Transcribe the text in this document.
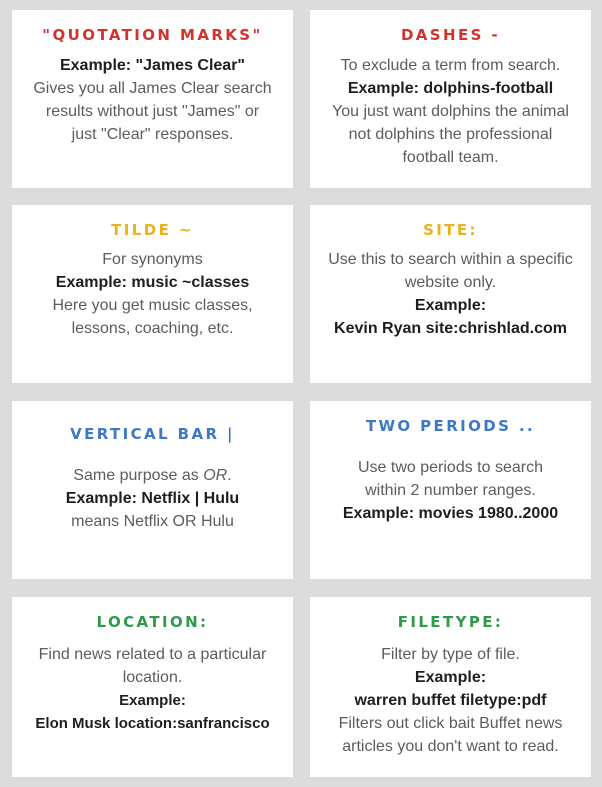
"QUOTATION MARKS"
Example: "James Clear"
Gives you all James Clear search
results without just "James" or
just "Clear" responses.
DASHES -
To exclude a term from search.
Example: dolphins-football
You just want dolphins the animal
not dolphins the professional
football team.
TILDE ~
For synonyms
Example: music ~classes
Here you get music classes,
lessons, coaching, etc.
SITE:
Use this to search within a specific
website only.
Example:
Kevin Ryan site:chrishlad.com
VERTICAL BAR |
Same purpose as OR.
Example: Netflix | Hulu
means Netflix OR Hulu
TWO PERIODS ..
Use two periods to search
within 2 number ranges.
Example: movies 1980..2000
LOCATION:
Find news related to a particular
location.
Example:
Elon Musk location:sanfrancisco
FILETYPE:
Filter by type of file.
Example:
warren buffet filetype:pdf
Filters out click bait Buffet news
articles you don't want to read.
